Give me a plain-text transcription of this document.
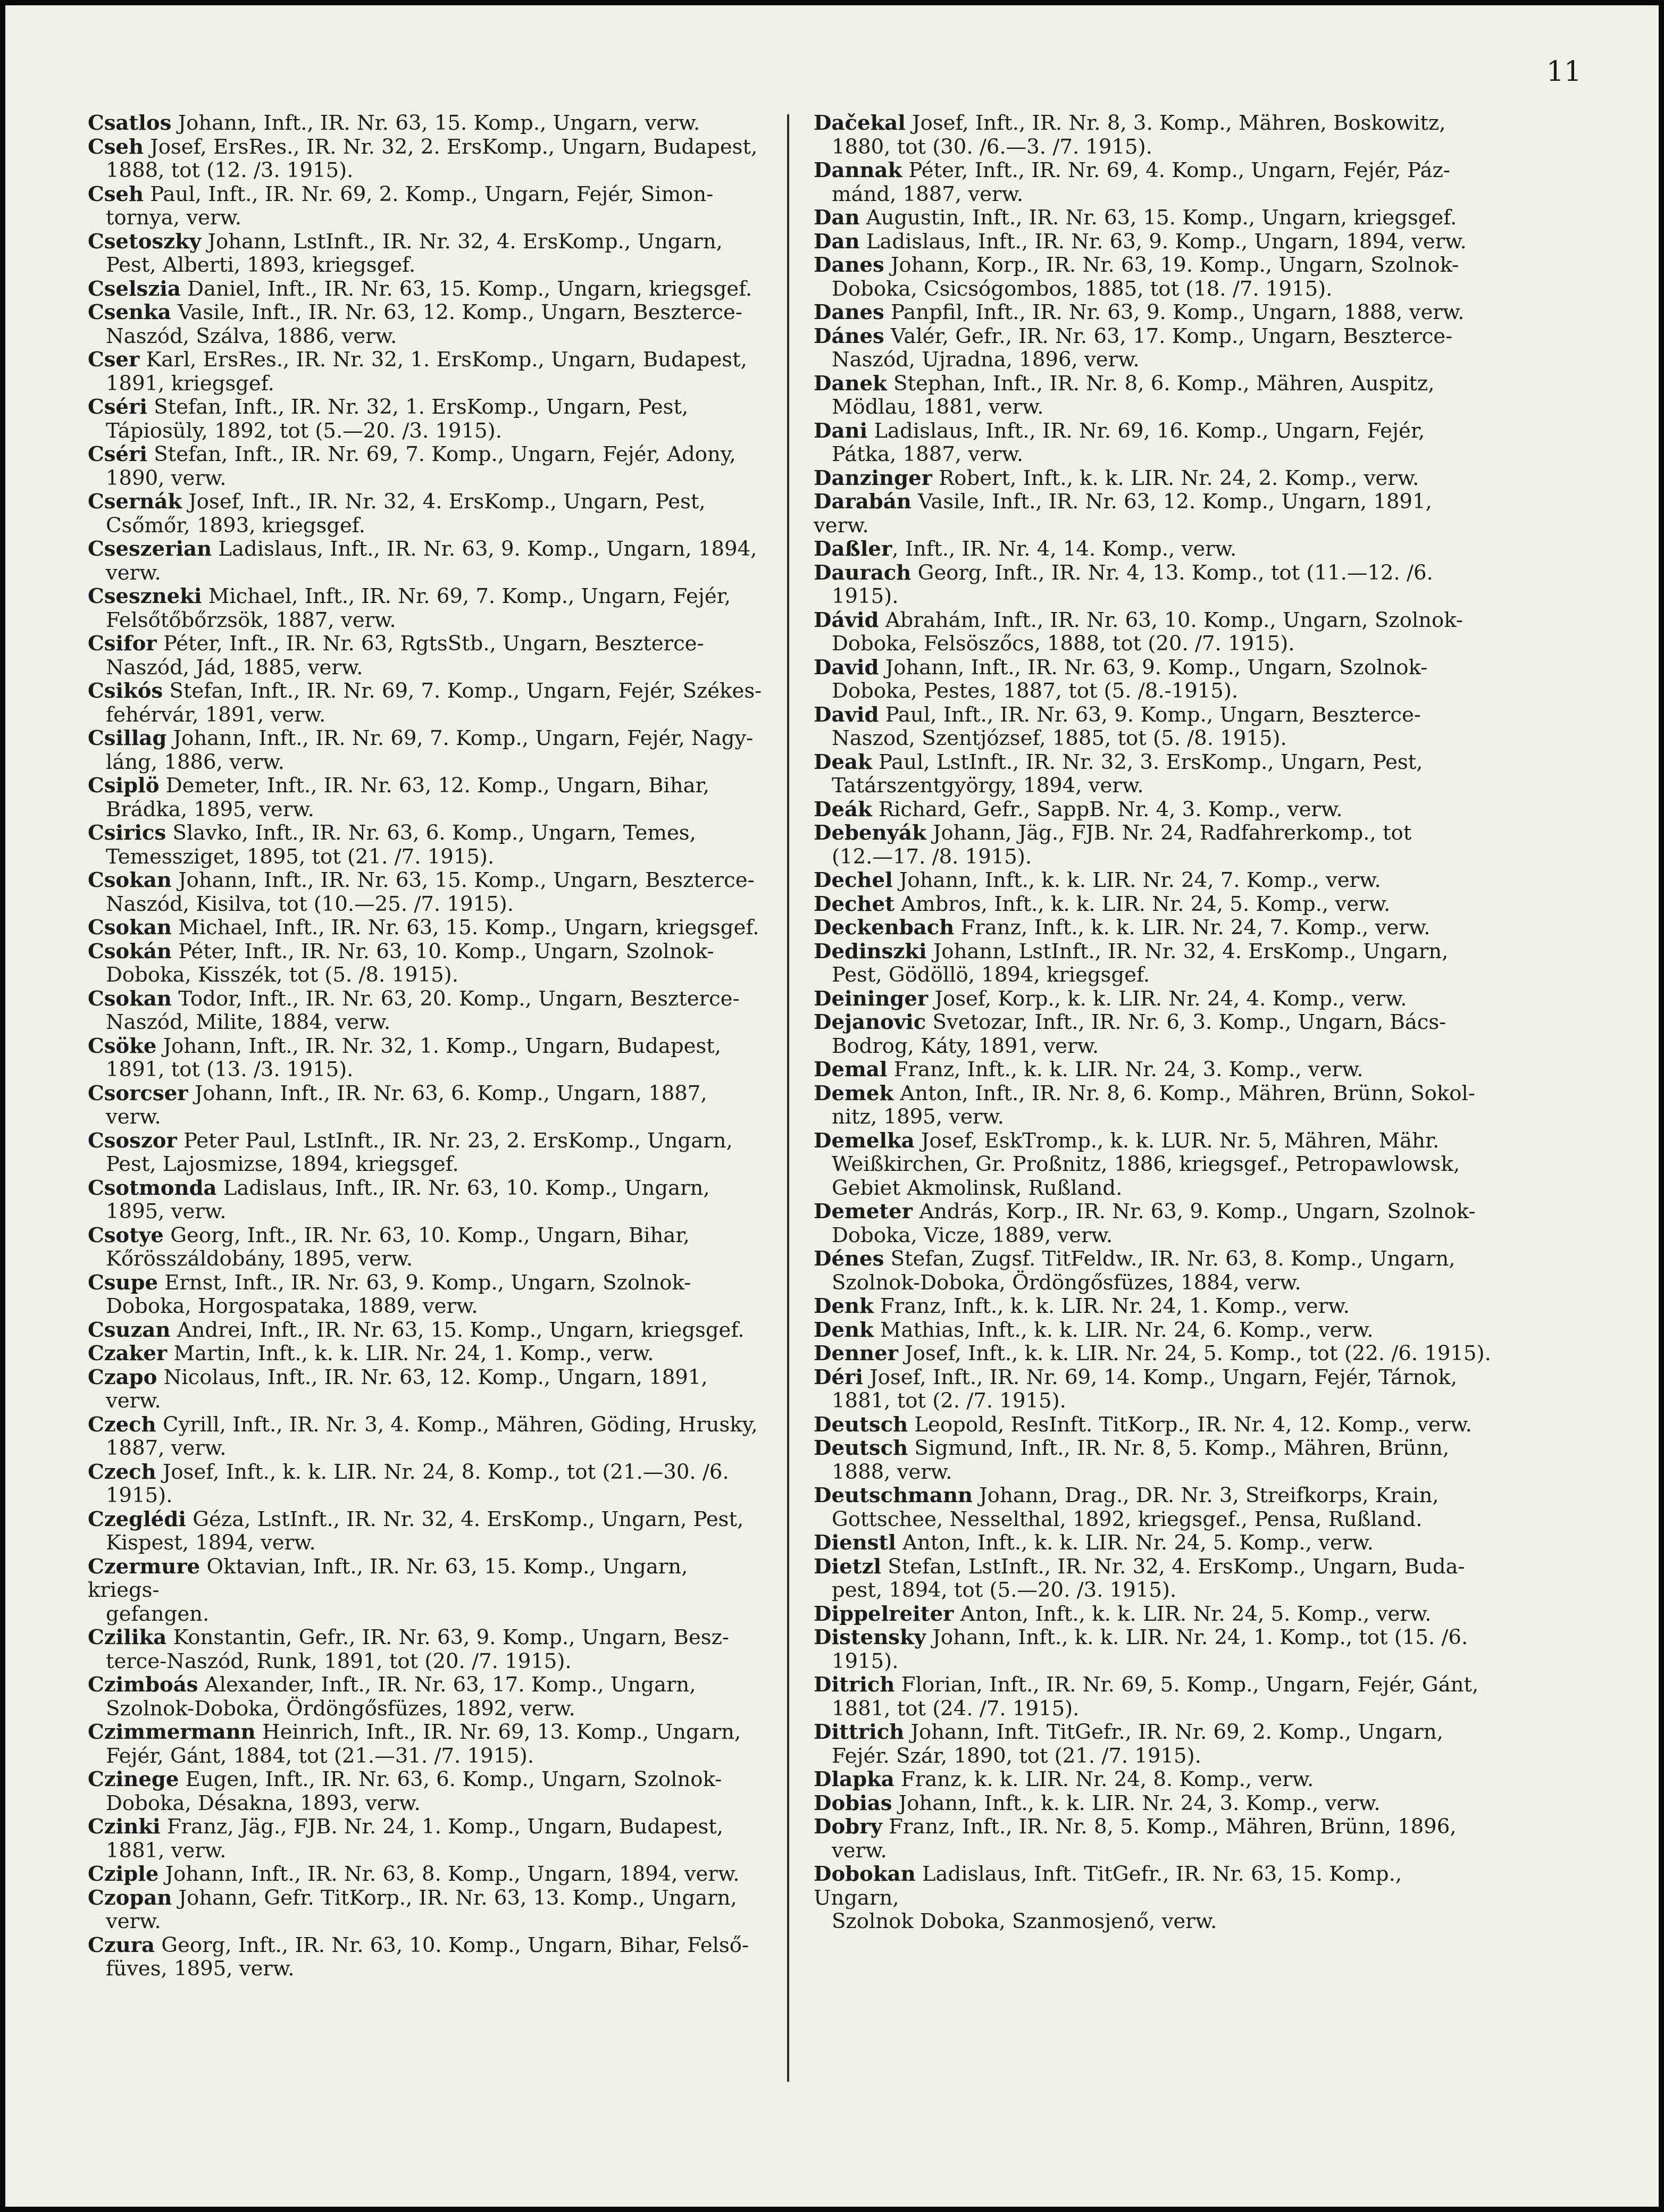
11
Csatlos Johann, Inft., IR. Nr. 63, 15. Komp., Ungarn, verw.
Cseh Josef, ErsRes., IR. Nr. 32, 2. ErsKomp., Ungarn, Budapest,
1888, tot (12. /3. 1915).
Cseh Paul, Inft., IR. Nr. 69, 2. Komp., Ungarn, Fejér, Simon-
tornya, verw.
Csetoszky Johann, LstInft., IR. Nr. 32, 4. ErsKomp., Ungarn,
Pest, Alberti, 1893, kriegsgef.
Cselszia Daniel, Inft., IR. Nr. 63, 15. Komp., Ungarn, kriegsgef.
Csenka Vasile, Inft., IR. Nr. 63, 12. Komp., Ungarn, Beszterce-
Naszód, Szálva, 1886, verw.
Cser Karl, ErsRes., IR. Nr. 32, 1. ErsKomp., Ungarn, Budapest,
1891, kriegsgef.
Cséri Stefan, Inft., IR. Nr. 32, 1. ErsKomp., Ungarn, Pest,
Tápiosüly, 1892, tot (5.—20. /3. 1915).
Cséri Stefan, Inft., IR. Nr. 69, 7. Komp., Ungarn, Fejér, Adony,
1890, verw.
Csernák Josef, Inft., IR. Nr. 32, 4. ErsKomp., Ungarn, Pest,
Csőmőr, 1893, kriegsgef.
Cseszerian Ladislaus, Inft., IR. Nr. 63, 9. Komp., Ungarn, 1894,
verw.
Cseszneki Michael, Inft., IR. Nr. 69, 7. Komp., Ungarn, Fejér,
Felsőtőbőrzsök, 1887, verw.
Csifor Péter, Inft., IR. Nr. 63, RgtsStb., Ungarn, Beszterce-
Naszód, Jád, 1885, verw.
Csikós Stefan, Inft., IR. Nr. 69, 7. Komp., Ungarn, Fejér, Székes-
fehérvár, 1891, verw.
Csillag Johann, Inft., IR. Nr. 69, 7. Komp., Ungarn, Fejér, Nagy-
láng, 1886, verw.
Csiplö Demeter, Inft., IR. Nr. 63, 12. Komp., Ungarn, Bihar,
Brádka, 1895, verw.
Csirics Slavko, Inft., IR. Nr. 63, 6. Komp., Ungarn, Temes,
Temessziget, 1895, tot (21. /7. 1915).
Csokan Johann, Inft., IR. Nr. 63, 15. Komp., Ungarn, Beszterce-
Naszód, Kisilva, tot (10.—25. /7. 1915).
Csokan Michael, Inft., IR. Nr. 63, 15. Komp., Ungarn, kriegsgef.
Csokán Péter, Inft., IR. Nr. 63, 10. Komp., Ungarn, Szolnok-
Doboka, Kisszék, tot (5. /8. 1915).
Csokan Todor, Inft., IR. Nr. 63, 20. Komp., Ungarn, Beszterce-
Naszód, Milite, 1884, verw.
Csöke Johann, Inft., IR. Nr. 32, 1. Komp., Ungarn, Budapest,
1891, tot (13. /3. 1915).
Csorcser Johann, Inft., IR. Nr. 63, 6. Komp., Ungarn, 1887,
verw.
Csoszor Peter Paul, LstInft., IR. Nr. 23, 2. ErsKomp., Ungarn,
Pest, Lajosmizse, 1894, kriegsgef.
Csotmonda Ladislaus, Inft., IR. Nr. 63, 10. Komp., Ungarn,
1895, verw.
Csotye Georg, Inft., IR. Nr. 63, 10. Komp., Ungarn, Bihar,
Kőrösszáldobány, 1895, verw.
Csupe Ernst, Inft., IR. Nr. 63, 9. Komp., Ungarn, Szolnok-
Doboka, Horgospataka, 1889, verw.
Csuzan Andrei, Inft., IR. Nr. 63, 15. Komp., Ungarn, kriegsgef.
Czaker Martin, Inft., k. k. LIR. Nr. 24, 1. Komp., verw.
Czapo Nicolaus, Inft., IR. Nr. 63, 12. Komp., Ungarn, 1891,
verw.
Czech Cyrill, Inft., IR. Nr. 3, 4. Komp., Mähren, Göding, Hrusky,
1887, verw.
Czech Josef, Inft., k. k. LIR. Nr. 24, 8. Komp., tot (21.—30. /6.
1915).
Czeglédi Géza, LstInft., IR. Nr. 32, 4. ErsKomp., Ungarn, Pest,
Kispest, 1894, verw.
Czermure Oktavian, Inft., IR. Nr. 63, 15. Komp., Ungarn, kriegs-
gefangen.
Czilika Konstantin, Gefr., IR. Nr. 63, 9. Komp., Ungarn, Besz-
terce-Naszód, Runk, 1891, tot (20. /7. 1915).
Czimboás Alexander, Inft., IR. Nr. 63, 17. Komp., Ungarn,
Szolnok-Doboka, Ördöngősfüzes, 1892, verw.
Czimmermann Heinrich, Inft., IR. Nr. 69, 13. Komp., Ungarn,
Fejér, Gánt, 1884, tot (21.—31. /7. 1915).
Czinege Eugen, Inft., IR. Nr. 63, 6. Komp., Ungarn, Szolnok-
Doboka, Désakna, 1893, verw.
Czinki Franz, Jäg., FJB. Nr. 24, 1. Komp., Ungarn, Budapest,
1881, verw.
Cziple Johann, Inft., IR. Nr. 63, 8. Komp., Ungarn, 1894, verw.
Czopan Johann, Gefr. TitKorp., IR. Nr. 63, 13. Komp., Ungarn,
verw.
Czura Georg, Inft., IR. Nr. 63, 10. Komp., Ungarn, Bihar, Felső-
füves, 1895, verw.
Dačekal Josef, Inft., IR. Nr. 8, 3. Komp., Mähren, Boskowitz,
1880, tot (30. /6.—3. /7. 1915).
Dannak Péter, Inft., IR. Nr. 69, 4. Komp., Ungarn, Fejér, Páz-
mánd, 1887, verw.
Dan Augustin, Inft., IR. Nr. 63, 15. Komp., Ungarn, kriegsgef.
Dan Ladislaus, Inft., IR. Nr. 63, 9. Komp., Ungarn, 1894, verw.
Danes Johann, Korp., IR. Nr. 63, 19. Komp., Ungarn, Szolnok-
Doboka, Csicsógombos, 1885, tot (18. /7. 1915).
Danes Panpfil, Inft., IR. Nr. 63, 9. Komp., Ungarn, 1888, verw.
Dánes Valér, Gefr., IR. Nr. 63, 17. Komp., Ungarn, Beszterce-
Naszód, Ujradna, 1896, verw.
Danek Stephan, Inft., IR. Nr. 8, 6. Komp., Mähren, Auspitz,
Mödlau, 1881, verw.
Dani Ladislaus, Inft., IR. Nr. 69, 16. Komp., Ungarn, Fejér,
Pátka, 1887, verw.
Danzinger Robert, Inft., k. k. LIR. Nr. 24, 2. Komp., verw.
Darabán Vasile, Inft., IR. Nr. 63, 12. Komp., Ungarn, 1891, verw.
Daßler, Inft., IR. Nr. 4, 14. Komp., verw.
Daurach Georg, Inft., IR. Nr. 4, 13. Komp., tot (11.—12. /6.
1915).
Dávid Abrahám, Inft., IR. Nr. 63, 10. Komp., Ungarn, Szolnok-
Doboka, Felsöszőcs, 1888, tot (20. /7. 1915).
David Johann, Inft., IR. Nr. 63, 9. Komp., Ungarn, Szolnok-
Doboka, Pestes, 1887, tot (5. /8.-1915).
David Paul, Inft., IR. Nr. 63, 9. Komp., Ungarn, Beszterce-
Naszod, Szentjózsef, 1885, tot (5. /8. 1915).
Deak Paul, LstInft., IR. Nr. 32, 3. ErsKomp., Ungarn, Pest,
Tatárszentgyörgy, 1894, verw.
Deák Richard, Gefr., SappB. Nr. 4, 3. Komp., verw.
Debenyák Johann, Jäg., FJB. Nr. 24, Radfahrerkomp., tot
(12.—17. /8. 1915).
Dechel Johann, Inft., k. k. LIR. Nr. 24, 7. Komp., verw.
Dechet Ambros, Inft., k. k. LIR. Nr. 24, 5. Komp., verw.
Deckenbach Franz, Inft., k. k. LIR. Nr. 24, 7. Komp., verw.
Dedinszki Johann, LstInft., IR. Nr. 32, 4. ErsKomp., Ungarn,
Pest, Gödöllö, 1894, kriegsgef.
Deininger Josef, Korp., k. k. LIR. Nr. 24, 4. Komp., verw.
Dejanovic Svetozar, Inft., IR. Nr. 6, 3. Komp., Ungarn, Bács-
Bodrog, Káty, 1891, verw.
Demal Franz, Inft., k. k. LIR. Nr. 24, 3. Komp., verw.
Demek Anton, Inft., IR. Nr. 8, 6. Komp., Mähren, Brünn, Sokol-
nitz, 1895, verw.
Demelka Josef, EskTromp., k. k. LUR. Nr. 5, Mähren, Mähr.
Weißkirchen, Gr. Proßnitz, 1886, kriegsgef., Petropawlowsk,
Gebiet Akmolinsk, Rußland.
Demeter András, Korp., IR. Nr. 63, 9. Komp., Ungarn, Szolnok-
Doboka, Vicze, 1889, verw.
Dénes Stefan, Zugsf. TitFeldw., IR. Nr. 63, 8. Komp., Ungarn,
Szolnok-Doboka, Ördöngősfüzes, 1884, verw.
Denk Franz, Inft., k. k. LIR. Nr. 24, 1. Komp., verw.
Denk Mathias, Inft., k. k. LIR. Nr. 24, 6. Komp., verw.
Denner Josef, Inft., k. k. LIR. Nr. 24, 5. Komp., tot (22. /6. 1915).
Déri Josef, Inft., IR. Nr. 69, 14. Komp., Ungarn, Fejér, Tárnok,
1881, tot (2. /7. 1915).
Deutsch Leopold, ResInft. TitKorp., IR. Nr. 4, 12. Komp., verw.
Deutsch Sigmund, Inft., IR. Nr. 8, 5. Komp., Mähren, Brünn,
1888, verw.
Deutschmann Johann, Drag., DR. Nr. 3, Streifkorps, Krain,
Gottschee, Nesselthal, 1892, kriegsgef., Pensa, Rußland.
Dienstl Anton, Inft., k. k. LIR. Nr. 24, 5. Komp., verw.
Dietzl Stefan, LstInft., IR. Nr. 32, 4. ErsKomp., Ungarn, Buda-
pest, 1894, tot (5.—20. /3. 1915).
Dippelreiter Anton, Inft., k. k. LIR. Nr. 24, 5. Komp., verw.
Distensky Johann, Inft., k. k. LIR. Nr. 24, 1. Komp., tot (15. /6.
1915).
Ditrich Florian, Inft., IR. Nr. 69, 5. Komp., Ungarn, Fejér, Gánt,
1881, tot (24. /7. 1915).
Dittrich Johann, Inft. TitGefr., IR. Nr. 69, 2. Komp., Ungarn,
Fejér. Szár, 1890, tot (21. /7. 1915).
Dlapka Franz, k. k. LIR. Nr. 24, 8. Komp., verw.
Dobias Johann, Inft., k. k. LIR. Nr. 24, 3. Komp., verw.
Dobry Franz, Inft., IR. Nr. 8, 5. Komp., Mähren, Brünn, 1896,
verw.
Dobokan Ladislaus, Inft. TitGefr., IR. Nr. 63, 15. Komp., Ungarn,
Szolnok Doboka, Szanmosjenő, verw.
